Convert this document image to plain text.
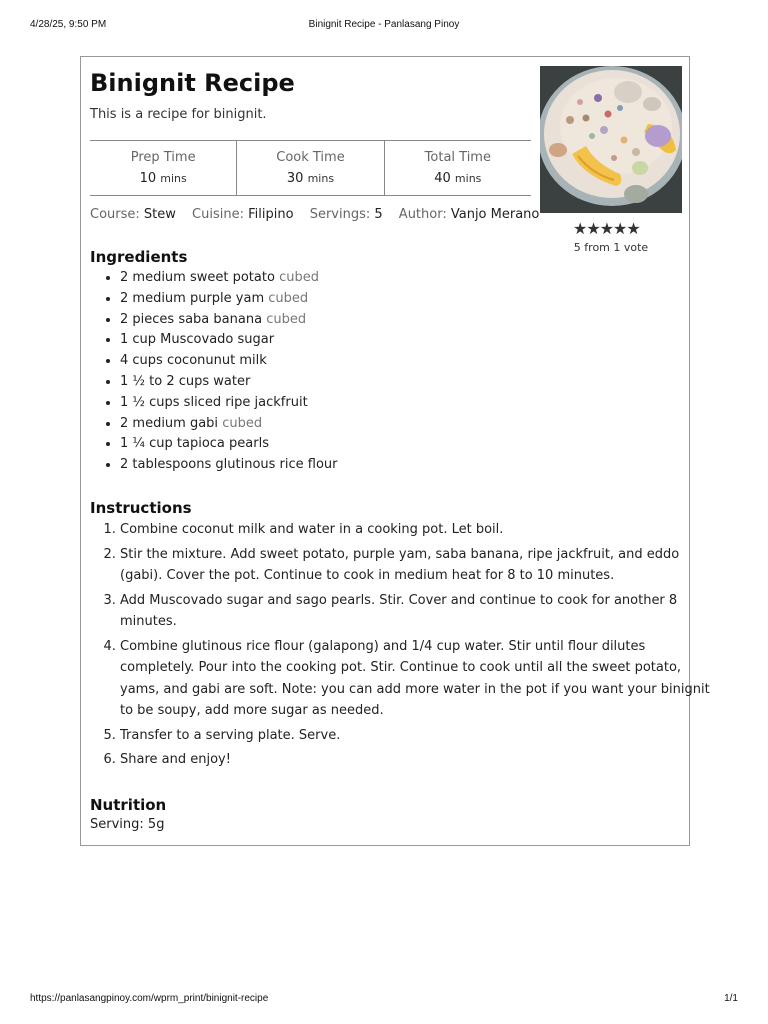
4/28/25, 9:50 PM	Binignit Recipe - Panlasang Pinoy
Binignit Recipe
This is a recipe for binignit.
Prep Time
10 mins
Cook Time
30 mins
Total Time
40 mins
Course: Stew Cuisine: Filipino Servings: 5 Author: Vanjo Merano
★★★★★
5 from 1 vote
Ingredients
• 2 medium sweet potato cubed
• 2 medium purple yam cubed
• 2 pieces saba banana cubed
• 1 cup Muscovado sugar
• 4 cups coconunut milk
• 1 ½ to 2 cups water
• 1 ½ cups sliced ripe jackfruit
• 2 medium gabi cubed
• 1 ¼ cup tapioca pearls
• 2 tablespoons glutinous rice flour
Instructions
1. Combine coconut milk and water in a cooking pot. Let boil.
2. Stir the mixture. Add sweet potato, purple yam, saba banana, ripe jackfruit, and eddo (gabi). Cover the pot. Continue to cook in medium heat for 8 to 10 minutes.
3. Add Muscovado sugar and sago pearls. Stir. Cover and continue to cook for another 8 minutes.
4. Combine glutinous rice flour (galapong) and 1/4 cup water. Stir until flour dilutes completely. Pour into the cooking pot. Stir. Continue to cook until all the sweet potato, yams, and gabi are soft. Note: you can add more water in the pot if you want your binignit to be soupy, add more sugar as needed.
5. Transfer to a serving plate. Serve.
6. Share and enjoy!
Nutrition
Serving: 5g
https://panlasangpinoy.com/wprm_print/binignit-recipe	1/1
